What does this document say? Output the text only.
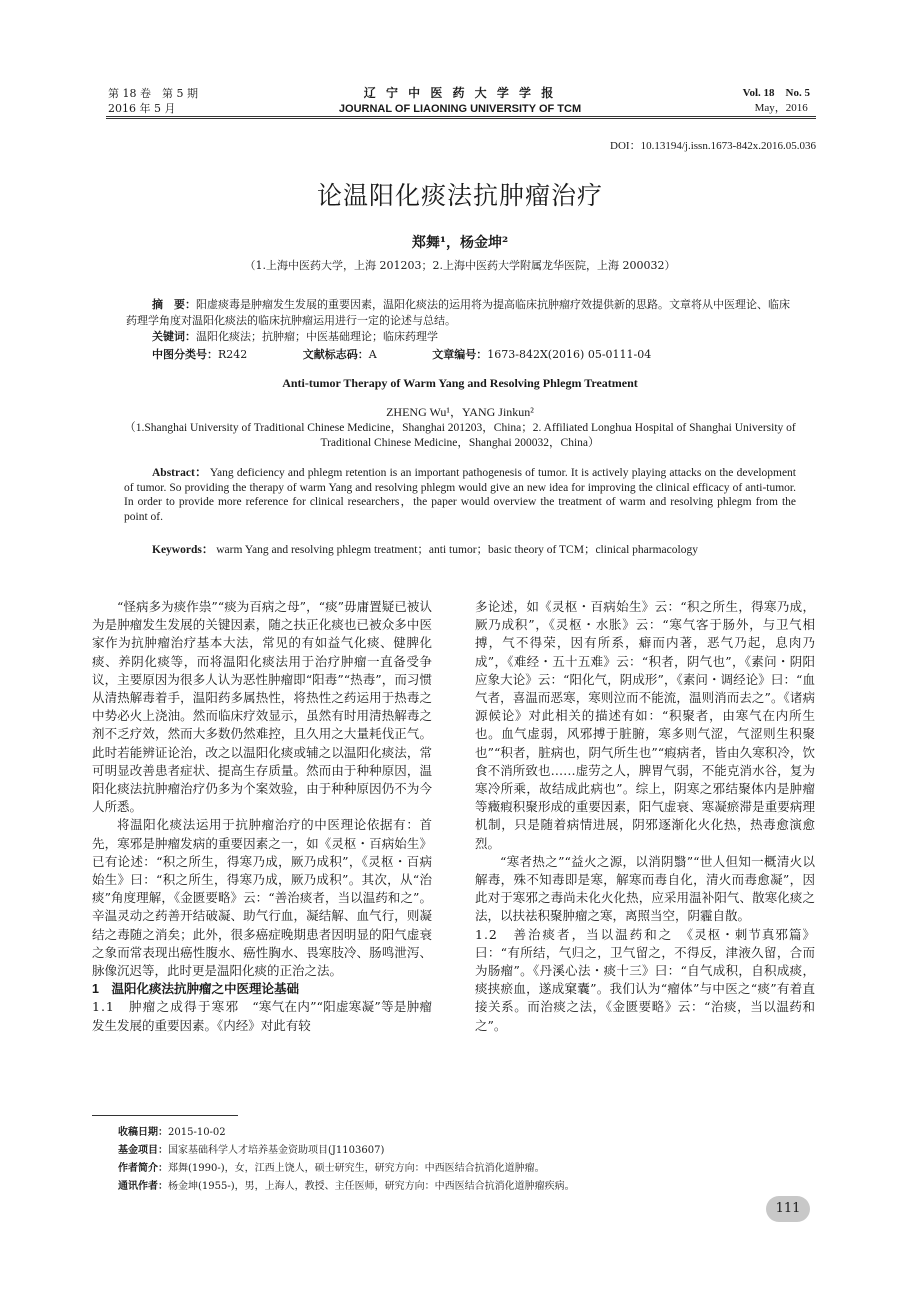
第 18 卷　第 5 期
2016 年 5 月
辽 宁 中 医 药 大 学 学 报
JOURNAL OF LIAONING UNIVERSITY OF TCM
Vol. 18　No. 5
May，2016
DOI：10.13194/j.issn.1673-842x.2016.05.036
论温阳化痰法抗肿瘤治疗
郑舞¹，杨金坤²
（1.上海中医药大学，上海 201203；2.上海中医药大学附属龙华医院，上海 200032）
摘　要：阳虚痰毒是肿瘤发生发展的重要因素，温阳化痰法的运用将为提高临床抗肿瘤疗效提供新的思路。文章将从中医理论、临床药理学角度对温阳化痰法的临床抗肿瘤运用进行一定的论述与总结。
关键词：温阳化痰法；抗肿瘤；中医基础理论；临床药理学
中图分类号：R242	文献标志码：A	文章编号：1673-842X(2016) 05-0111-04
Anti-tumor Therapy of Warm Yang and Resolving Phlegm Treatment
ZHENG Wu¹，YANG Jinkun²
（1.Shanghai University of Traditional Chinese Medicine，Shanghai 201203，China；2. Affiliated Longhua Hospital of Shanghai University of Traditional Chinese Medicine，Shanghai 200032，China）
Abstract： Yang deficiency and phlegm retention is an important pathogenesis of tumor. It is actively playing attacks on the development of tumor. So providing the therapy of warm Yang and resolving phlegm would give an new idea for improving the clinical efficacy of anti-tumor. In order to provide more reference for clinical researchers，the paper would overview the treatment of warm and resolving phlegm from the point of.
Keywords： warm Yang and resolving phlegm treatment；anti tumor；basic theory of TCM；clinical pharmacology

“怪病多为痰作祟”“痰为百病之母”，“痰”毋庸置疑已被认为是肿瘤发生发展的关键因素，随之扶正化痰也已被众多中医家作为抗肿瘤治疗基本大法，常见的有如益气化痰、健脾化痰、养阴化痰等，而将温阳化痰法用于治疗肿瘤一直备受争议，主要原因为很多人认为恶性肿瘤即“阳毒”“热毒”，而习惯从清热解毒着手，温阳药多属热性，将热性之药运用于热毒之中势必火上浇油。然而临床疗效显示，虽然有时用清热解毒之剂不乏疗效，然而大多数仍然难控，且久用之大量耗伐正气。此时若能辨证论治，改之以温阳化痰或辅之以温阳化痰法，常可明显改善患者症状、提高生存质量。然而由于种种原因，温阳化痰法抗肿瘤治疗仍多为个案效验，由于种种原因仍不为今人所悉。

将温阳化痰法运用于抗肿瘤治疗的中医理论依据有：首先，寒邪是肿瘤发病的重要因素之一，如《灵枢・百病始生》已有论述：“积之所生，得寒乃成，厥乃成积”，《灵枢・百病始生》曰：“积之所生，得寒乃成，厥乃成积”。其次，从“治痰”角度理解，《金匮要略》云：“善治痰者，当以温药和之”。辛温灵动之药善开结破凝、助气行血，凝结解、血气行，则凝结之毒随之消矣；此外，很多癌症晚期患者因明显的阳气虚衰之象而常表现出癌性腹水、癌性胸水、畏寒肢冷、肠鸣泄泻、脉像沉迟等，此时更是温阳化痰的正治之法。

1　温阳化痰法抗肿瘤之中医理论基础

1.1　肿瘤之成得于寒邪　 “寒气在内”“阳虚寒凝”等是肿瘤发生发展的重要因素。《内经》对此有较

多论述，如《灵枢・百病始生》云：“积之所生，得寒乃成，厥乃成积”，《灵枢・水胀》云：“寒气客于肠外，与卫气相搏，气不得荣，因有所系，癖而内著，恶气乃起，息肉乃成”，《难经・五十五难》云：“积者，阴气也”，《素问・阴阳应象大论》云：“阳化气，阴成形”，《素问・调经论》曰：“血气者，喜温而恶寒，寒则泣而不能流，温则消而去之”。《诸病源候论》对此相关的描述有如：“积聚者，由寒气在内所生也。血气虚弱，风邪搏于脏腑，寒多则气涩，气涩则生积聚也”“积者，脏病也，阴气所生也”“瘕病者，皆由久寒积冷，饮食不消所致也……虚劳之人，脾胃气弱，不能克消水谷，复为寒冷所乘，故结成此病也”。综上，阴寒之邪结聚体内是肿瘤等癥瘕积聚形成的重要因素，阳气虚衰、寒凝瘀滞是重要病理机制，只是随着病情进展，阴邪逐渐化火化热，热毒愈演愈烈。

“寒者热之”“益火之源，以消阴翳”“世人但知一概清火以解毒，殊不知毒即是寒，解寒而毒自化，清火而毒愈凝”，因此对于寒邪之毒尚未化火化热，应采用温补阳气、散寒化痰之法，以扶祛积聚肿瘤之寒，离照当空，阴霾自散。

1.2　善治痰者，当以温药和之　 《灵枢・刺节真邪篇》曰：“有所结，气归之，卫气留之，不得反，津液久留，合而为肠瘤”。《丹溪心法・痰十三》曰：“自气成积，自积成痰，痰挟瘀血，遂成窠囊”。我们认为“瘤体”与中医之“痰”有着直接关系。而治痰之法，《金匮要略》云：“治痰，当以温药和之”。

收稿日期：2015-10-02
基金项目：国家基础科学人才培养基金资助项目(J1103607)
作者简介：郑舞(1990-)，女，江西上饶人，硕士研究生，研究方向：中西医结合抗消化道肿瘤。
通讯作者：杨金坤(1955-)，男，上海人，教授、主任医师，研究方向：中西医结合抗消化道肿瘤疾病。
111
